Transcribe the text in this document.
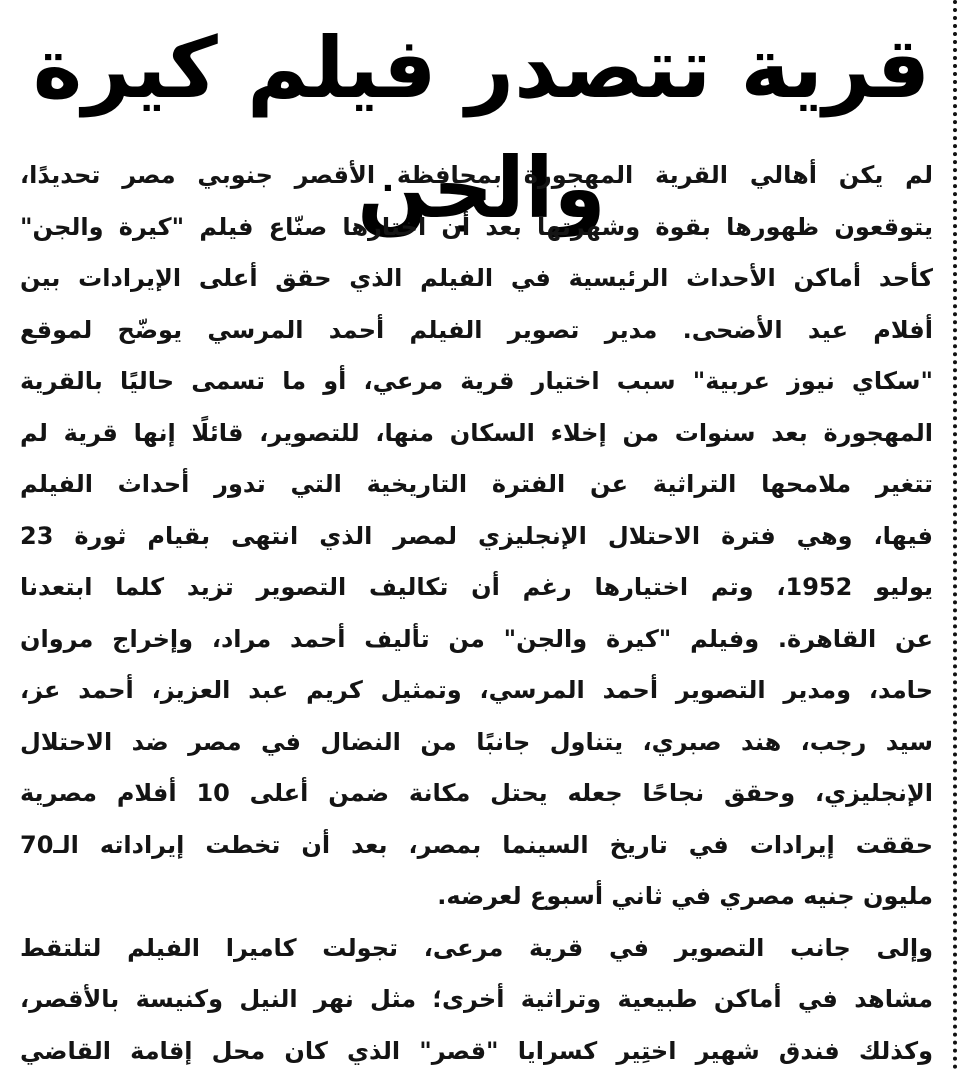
قرية تتصدر فيلم كيرة والجن

لم يكن أهالي القرية المهجورة بمحافظة الأقصر جنوبي مصر تحديدًا،
يتوقعون ظهورها بقوة وشهرتها بعد أن اختارها صنّاع فيلم "كيرة والجن"
كأحد أماكن الأحداث الرئيسية في الفيلم الذي حقق أعلى الإيرادات بين
أفلام عيد الأضحى. مدير تصوير الفيلم أحمد المرسي يوضّح لموقع
"سكاي نيوز عربية" سبب اختيار قرية مرعي، أو ما تسمى حاليًا بالقرية
المهجورة بعد سنوات من إخلاء السكان منها، للتصوير، قائلًا إنها قرية لم
تتغير ملامحها التراثية عن الفترة التاريخية التي تدور أحداث الفيلم
فيها، وهي فترة الاحتلال الإنجليزي لمصر الذي انتهى بقيام ثورة 23
يوليو 1952، وتم اختيارها رغم أن تكاليف التصوير تزيد كلما ابتعدنا
عن القاهرة. وفيلم "كيرة والجن" من تأليف أحمد مراد، وإخراج مروان
حامد، ومدير التصوير أحمد المرسي، وتمثيل كريم عبد العزيز، أحمد عز،
سيد رجب، هند صبري، يتناول جانبًا من النضال في مصر ضد الاحتلال
الإنجليزي، وحقق نجاحًا جعله يحتل مكانة ضمن أعلى 10 أفلام مصرية
حققت إيرادات في تاريخ السينما بمصر، بعد أن تخطت إيراداته الـ70
مليون جنيه مصري في ثاني أسبوع لعرضه.

وإلى جانب التصوير في قرية مرعى، تجولت كاميرا الفيلم لتلتقط
مشاهد في أماكن طبيعية وتراثية أخرى؛ مثل نهر النيل وكنيسة بالأقصر،
وكذلك فندق شهير اختِير كسرايا "قصر" الذي كان محل إقامة القاضي
